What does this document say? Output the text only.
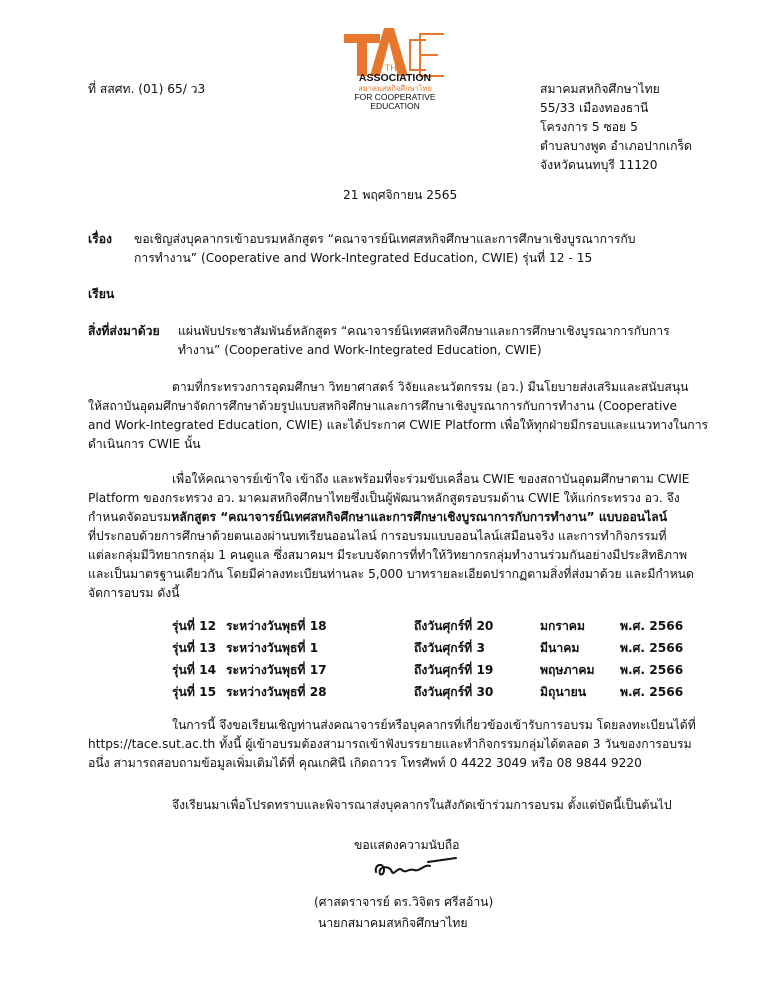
THAI
ASSOCIATION
สมาคมสหกิจศึกษาไทย
FOR COOPERATIVE
EDUCATION
ที่ สสศท. (01) 65/ ว3	สมาคมสหกิจศึกษาไทย
55/33 เมืองทองธานี
โครงการ 5 ซอย 5
ตำบลบางพูด อำเภอปากเกร็ด
จังหวัดนนทบุรี 11120
21 พฤศจิกายน 2565
เรื่อง ขอเชิญส่งบุคลากรเข้าอบรมหลักสูตร “คณาจารย์นิเทศสหกิจศึกษาและการศึกษาเชิงบูรณาการกับ
การทำงาน” (Cooperative and Work-Integrated Education, CWIE) รุ่นที่ 12 - 15
เรียน
สิ่งที่ส่งมาด้วย แผ่นพับประชาสัมพันธ์หลักสูตร “คณาจารย์นิเทศสหกิจศึกษาและการศึกษาเชิงบูรณาการกับการ
ทำงาน” (Cooperative and Work-Integrated Education, CWIE)
ตามที่กระทรวงการอุดมศึกษา วิทยาศาสตร์ วิจัยและนวัตกรรม (อว.) มีนโยบายส่งเสริมและสนับสนุน
ให้สถาบันอุดมศึกษาจัดการศึกษาด้วยรูปแบบสหกิจศึกษาและการศึกษาเชิงบูรณาการกับการทำงาน (Cooperative
and Work-Integrated Education, CWIE) และได้ประกาศ CWIE Platform เพื่อให้ทุกฝ่ายมีกรอบและแนวทางในการ
ดำเนินการ CWIE นั้น
เพื่อให้คณาจารย์เข้าใจ เข้าถึง และพร้อมที่จะร่วมขับเคลื่อน CWIE ของสถาบันอุดมศึกษาตาม CWIE
Platform ของกระทรวง อว. มาคมสหกิจศึกษาไทยซึ่งเป็นผู้พัฒนาหลักสูตรอบรมด้าน CWIE ให้แก่กระทรวง อว. จึง
กำหนดจัดอบรมหลักสูตร “คณาจารย์นิเทศสหกิจศึกษาและการศึกษาเชิงบูรณาการกับการทำงาน” แบบออนไลน์
ที่ประกอบด้วยการศึกษาด้วยตนเองผ่านบทเรียนออนไลน์ การอบรมแบบออนไลน์เสมือนจริง และการทำกิจกรรมที่
แต่ละกลุ่มมีวิทยากรกลุ่ม 1 คนดูแล ซึ่งสมาคมฯ มีระบบจัดการที่ทำให้วิทยากรกลุ่มทำงานร่วมกันอย่างมีประสิทธิภาพ
และเป็นมาตรฐานเดียวกัน โดยมีค่าลงทะเบียนท่านละ 5,000 บาทรายละเอียดปรากฏตามสิ่งที่ส่งมาด้วย และมีกำหนด
จัดการอบรม ดังนี้
รุ่นที่ 12 ระหว่างวันพุธที่ 18	ถึงวันศุกร์ที่ 20	มกราคม	พ.ศ. 2566
รุ่นที่ 13 ระหว่างวันพุธที่ 1	ถึงวันศุกร์ที่ 3	มีนาคม	พ.ศ. 2566
รุ่นที่ 14 ระหว่างวันพุธที่ 17	ถึงวันศุกร์ที่ 19	พฤษภาคม	พ.ศ. 2566
รุ่นที่ 15 ระหว่างวันพุธที่ 28	ถึงวันศุกร์ที่ 30	มิถุนายน	พ.ศ. 2566
ในการนี้ จึงขอเรียนเชิญท่านส่งคณาจารย์หรือบุคลากรที่เกี่ยวข้องเข้ารับการอบรม โดยลงทะเบียนได้ที่
https://tace.sut.ac.th ทั้งนี้ ผู้เข้าอบรมต้องสามารถเข้าฟังบรรยายและทำกิจกรรมกลุ่มได้ตลอด 3 วันของการอบรม
อนึ่ง สามารถสอบถามข้อมูลเพิ่มเติมได้ที่ คุณเกศินี เกิดถาวร โทรศัพท์ 0 4422 3049 หรือ 08 9844 9220
จึงเรียนมาเพื่อโปรดทราบและพิจารณาส่งบุคลากรในสังกัดเข้าร่วมการอบรม ตั้งแต่บัดนี้เป็นต้นไป
ขอแสดงความนับถือ
(ศาสตราจารย์ ดร.วิจิตร ศรีสอ้าน)
นายกสมาคมสหกิจศึกษาไทย
